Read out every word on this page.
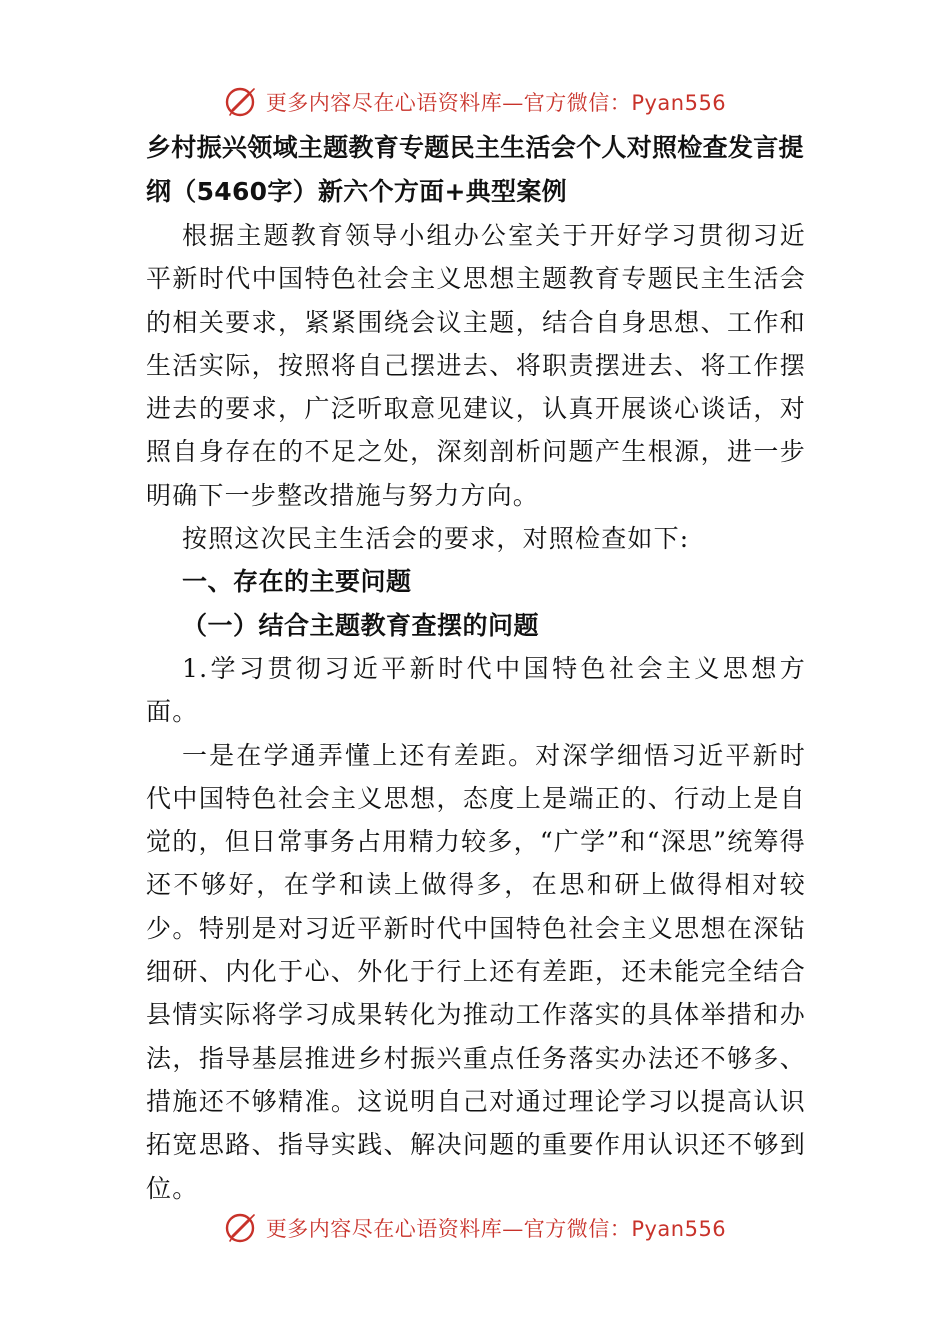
更多内容尽在心语资料库—官方微信：Pyan556

乡村振兴领域主题教育专题民主生活会个人对照检查发言提纲（5460字）新六个方面+典型案例

根据主题教育领导小组办公室关于开好学习贯彻习近平新时代中国特色社会主义思想主题教育专题民主生活会的相关要求，紧紧围绕会议主题，结合自身思想、工作和生活实际，按照将自己摆进去、将职责摆进去、将工作摆进去的要求，广泛听取意见建议，认真开展谈心谈话，对照自身存在的不足之处，深刻剖析问题产生根源，进一步明确下一步整改措施与努力方向。

按照这次民主生活会的要求，对照检查如下:

一、存在的主要问题

（一）结合主题教育查摆的问题

1.学习贯彻习近平新时代中国特色社会主义思想方面。

一是在学通弄懂上还有差距。对深学细悟习近平新时代中国特色社会主义思想，态度上是端正的、行动上是自觉的，但日常事务占用精力较多，“广学”和“深思”统筹得还不够好，在学和读上做得多，在思和研上做得相对较少。特别是对习近平新时代中国特色社会主义思想在深钻细研、内化于心、外化于行上还有差距，还未能完全结合县情实际将学习成果转化为推动工作落实的具体举措和办法，指导基层推进乡村振兴重点任务落实办法还不够多、措施还不够精准。这说明自己对通过理论学习以提高认识拓宽思路、指导实践、解决问题的重要作用认识还不够到位。

更多内容尽在心语资料库—官方微信：Pyan556
